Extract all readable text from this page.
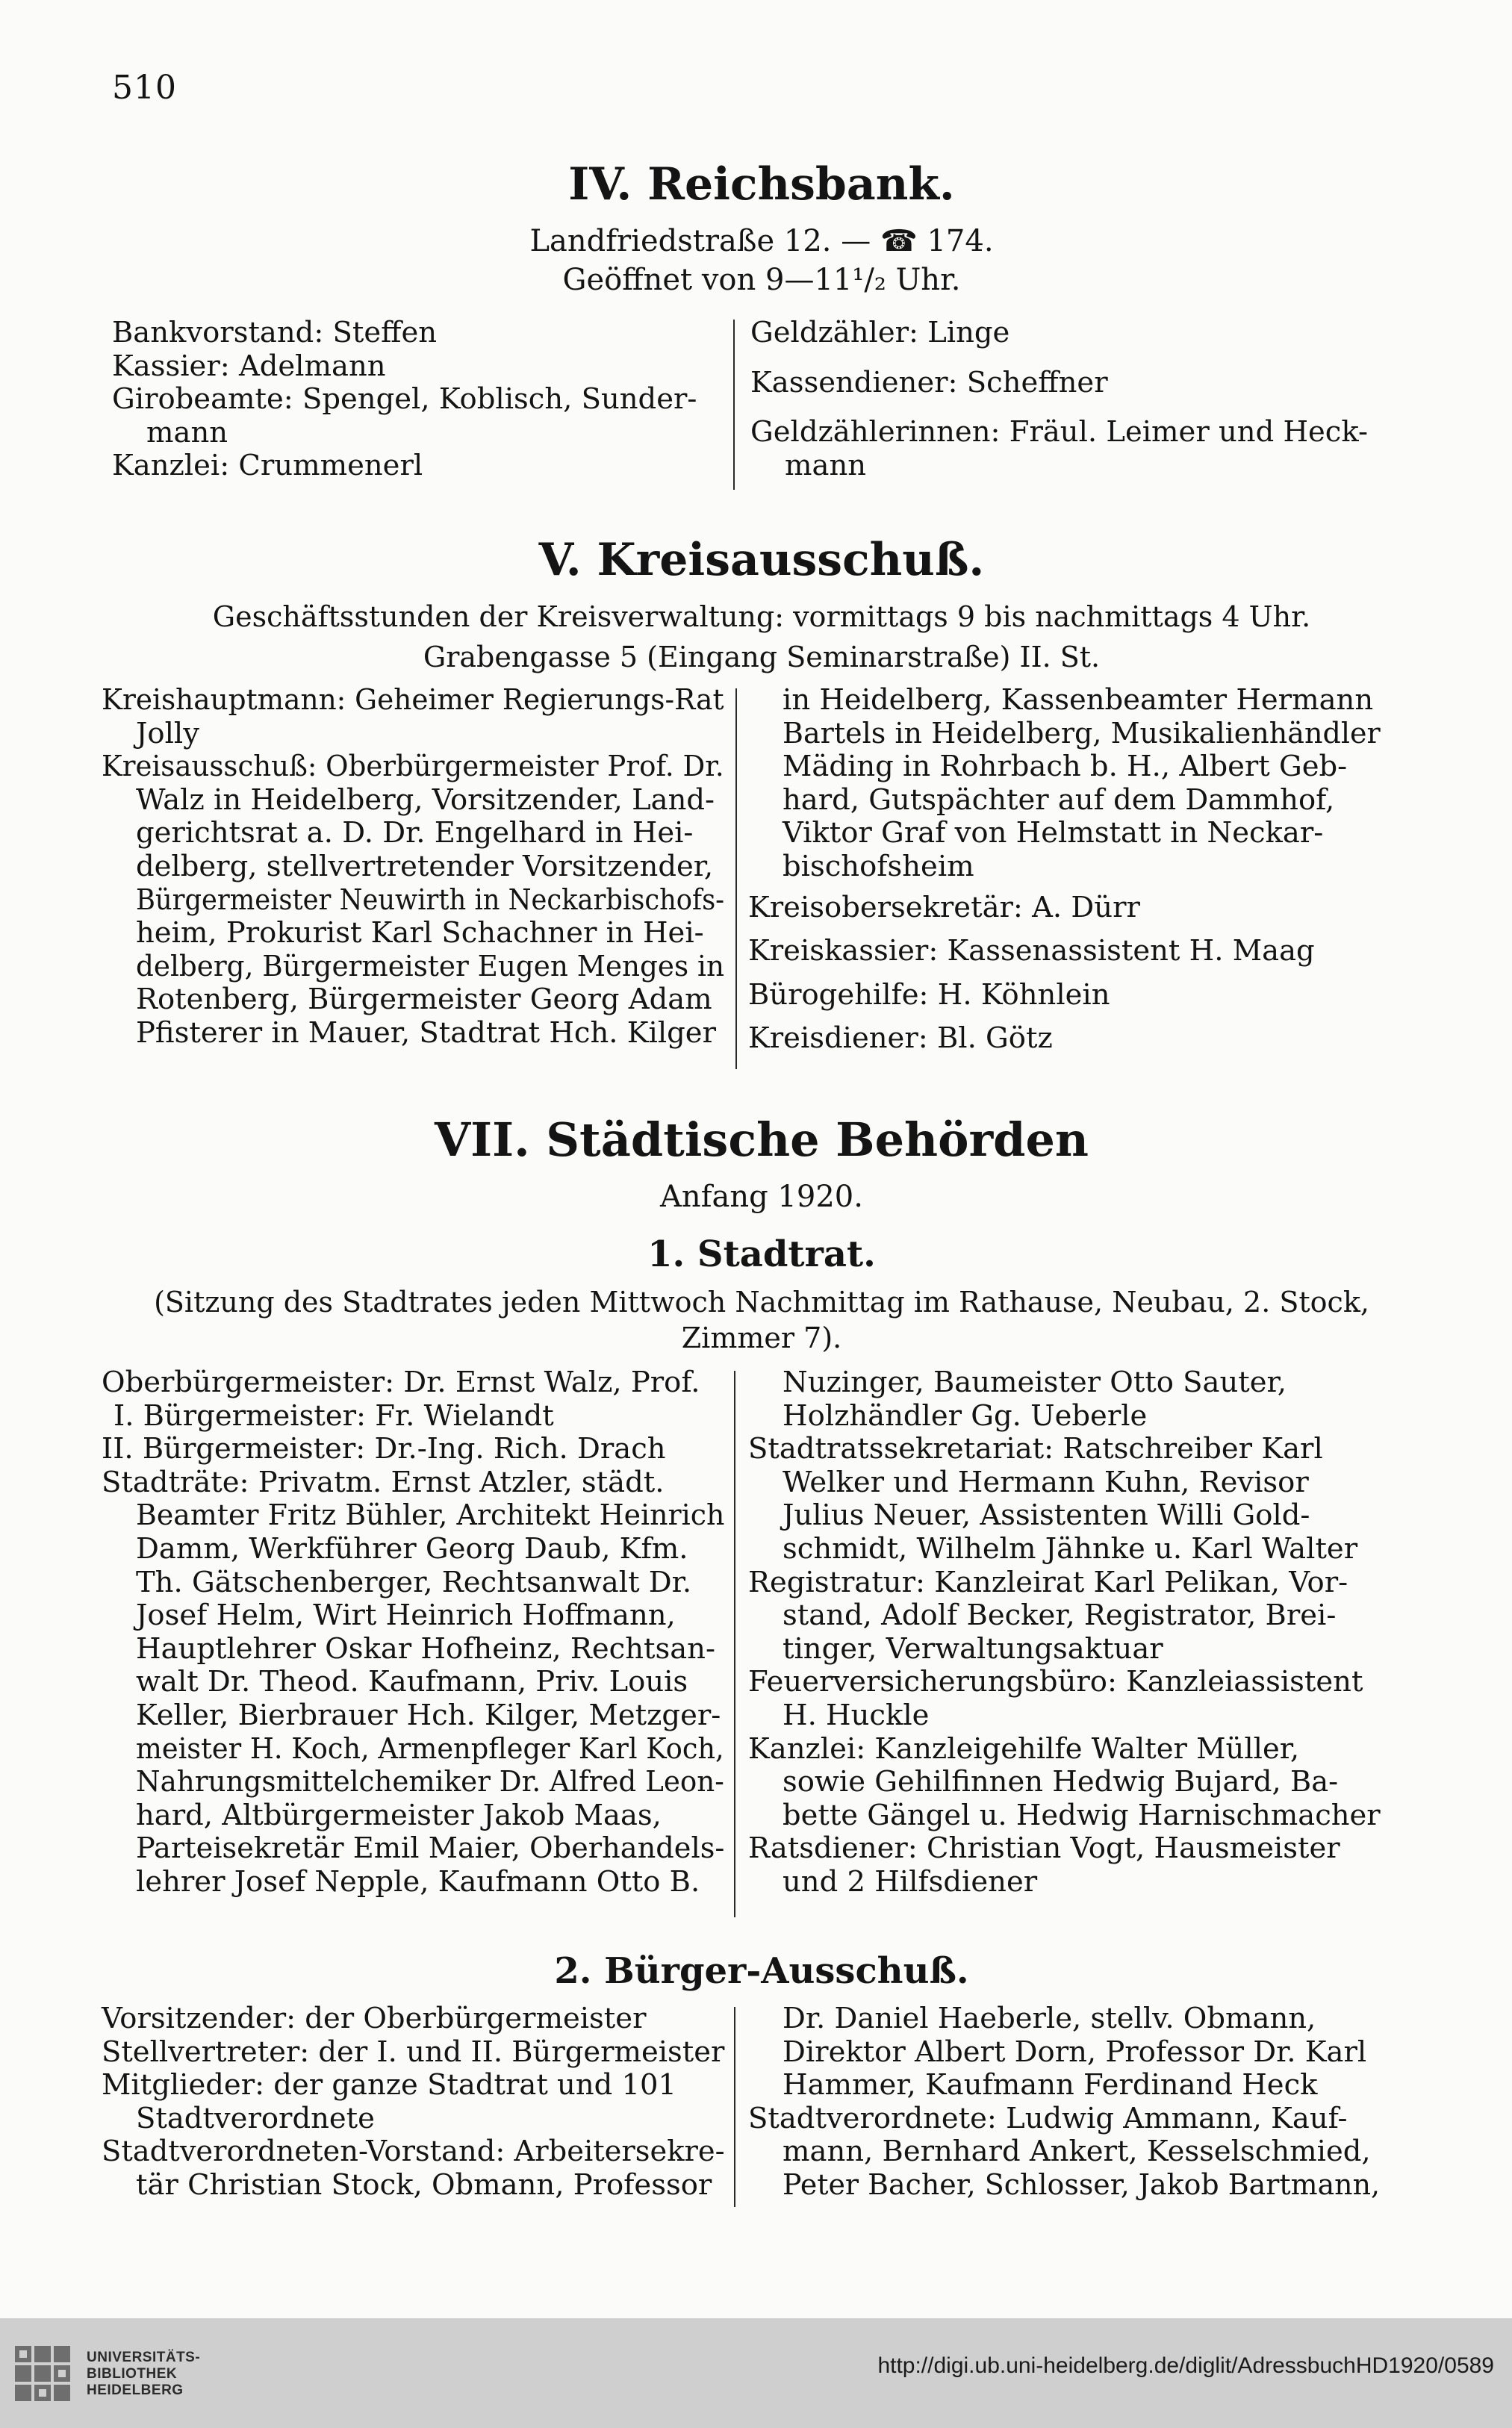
510
IV. Reichsbank.
Landfriedstraße 12. — ☎ 174.
Geöffnet von 9—11¹/₂ Uhr.
Bankvorstand: Steffen
Kassier: Adelmann
Girobeamte: Spengel, Koblisch, Sunder-
mann
Kanzlei: Crummenerl
Geldzähler: Linge
Kassendiener: Scheffner
Geldzählerinnen: Fräul. Leimer und Heck-
mann
V. Kreisausschuß.
Geschäftsstunden der Kreisverwaltung: vormittags 9 bis nachmittags 4 Uhr.
Grabengasse 5 (Eingang Seminarstraße) II. St.
Kreishauptmann: Geheimer Regierungs-Rat
Jolly
Kreisausschuß: Oberbürgermeister Prof. Dr.
Walz in Heidelberg, Vorsitzender, Land-
gerichtsrat a. D. Dr. Engelhard in Hei-
delberg, stellvertretender Vorsitzender,
Bürgermeister Neuwirth in Neckarbischofs-
heim, Prokurist Karl Schachner in Hei-
delberg, Bürgermeister Eugen Menges in
Rotenberg, Bürgermeister Georg Adam
Pfisterer in Mauer, Stadtrat Hch. Kilger
in Heidelberg, Kassenbeamter Hermann
Bartels in Heidelberg, Musikalienhändler
Mäding in Rohrbach b. H., Albert Geb-
hard, Gutspächter auf dem Dammhof,
Viktor Graf von Helmstatt in Neckar-
bischofsheim
Kreisobersekretär: A. Dürr
Kreiskassier: Kassenassistent H. Maag
Bürogehilfe: H. Köhnlein
Kreisdiener: Bl. Götz
VII. Städtische Behörden
Anfang 1920.
1. Stadtrat.
(Sitzung des Stadtrates jeden Mittwoch Nachmittag im Rathause, Neubau, 2. Stock,
Zimmer 7).
Oberbürgermeister: Dr. Ernst Walz, Prof.
I. Bürgermeister: Fr. Wielandt
II. Bürgermeister: Dr.-Ing. Rich. Drach
Stadträte: Privatm. Ernst Atzler, städt.
Beamter Fritz Bühler, Architekt Heinrich
Damm, Werkführer Georg Daub, Kfm.
Th. Gätschenberger, Rechtsanwalt Dr.
Josef Helm, Wirt Heinrich Hoffmann,
Hauptlehrer Oskar Hofheinz, Rechtsan-
walt Dr. Theod. Kaufmann, Priv. Louis
Keller, Bierbrauer Hch. Kilger, Metzger-
meister H. Koch, Armenpfleger Karl Koch,
Nahrungsmittelchemiker Dr. Alfred Leon-
hard, Altbürgermeister Jakob Maas,
Parteisekretär Emil Maier, Oberhandels-
lehrer Josef Nepple, Kaufmann Otto B.
Nuzinger, Baumeister Otto Sauter,
Holzhändler Gg. Ueberle
Stadtratssekretariat: Ratschreiber Karl
Welker und Hermann Kuhn, Revisor
Julius Neuer, Assistenten Willi Gold-
schmidt, Wilhelm Jähnke u. Karl Walter
Registratur: Kanzleirat Karl Pelikan, Vor-
stand, Adolf Becker, Registrator, Brei-
tinger, Verwaltungsaktuar
Feuerversicherungsbüro: Kanzleiassistent
H. Huckle
Kanzlei: Kanzleigehilfe Walter Müller,
sowie Gehilfinnen Hedwig Bujard, Ba-
bette Gängel u. Hedwig Harnischmacher
Ratsdiener: Christian Vogt, Hausmeister
und 2 Hilfsdiener
2. Bürger-Ausschuß.
Vorsitzender: der Oberbürgermeister
Stellvertreter: der I. und II. Bürgermeister
Mitglieder: der ganze Stadtrat und 101
Stadtverordnete
Stadtverordneten-Vorstand: Arbeitersekre-
tär Christian Stock, Obmann, Professor
Dr. Daniel Haeberle, stellv. Obmann,
Direktor Albert Dorn, Professor Dr. Karl
Hammer, Kaufmann Ferdinand Heck
Stadtverordnete: Ludwig Ammann, Kauf-
mann, Bernhard Ankert, Kesselschmied,
Peter Bacher, Schlosser, Jakob Bartmann,
UNIVERSITÄTS-
BIBLIOTHEK
HEIDELBERG
http://digi.ub.uni-heidelberg.de/diglit/AdressbuchHD1920/0589
